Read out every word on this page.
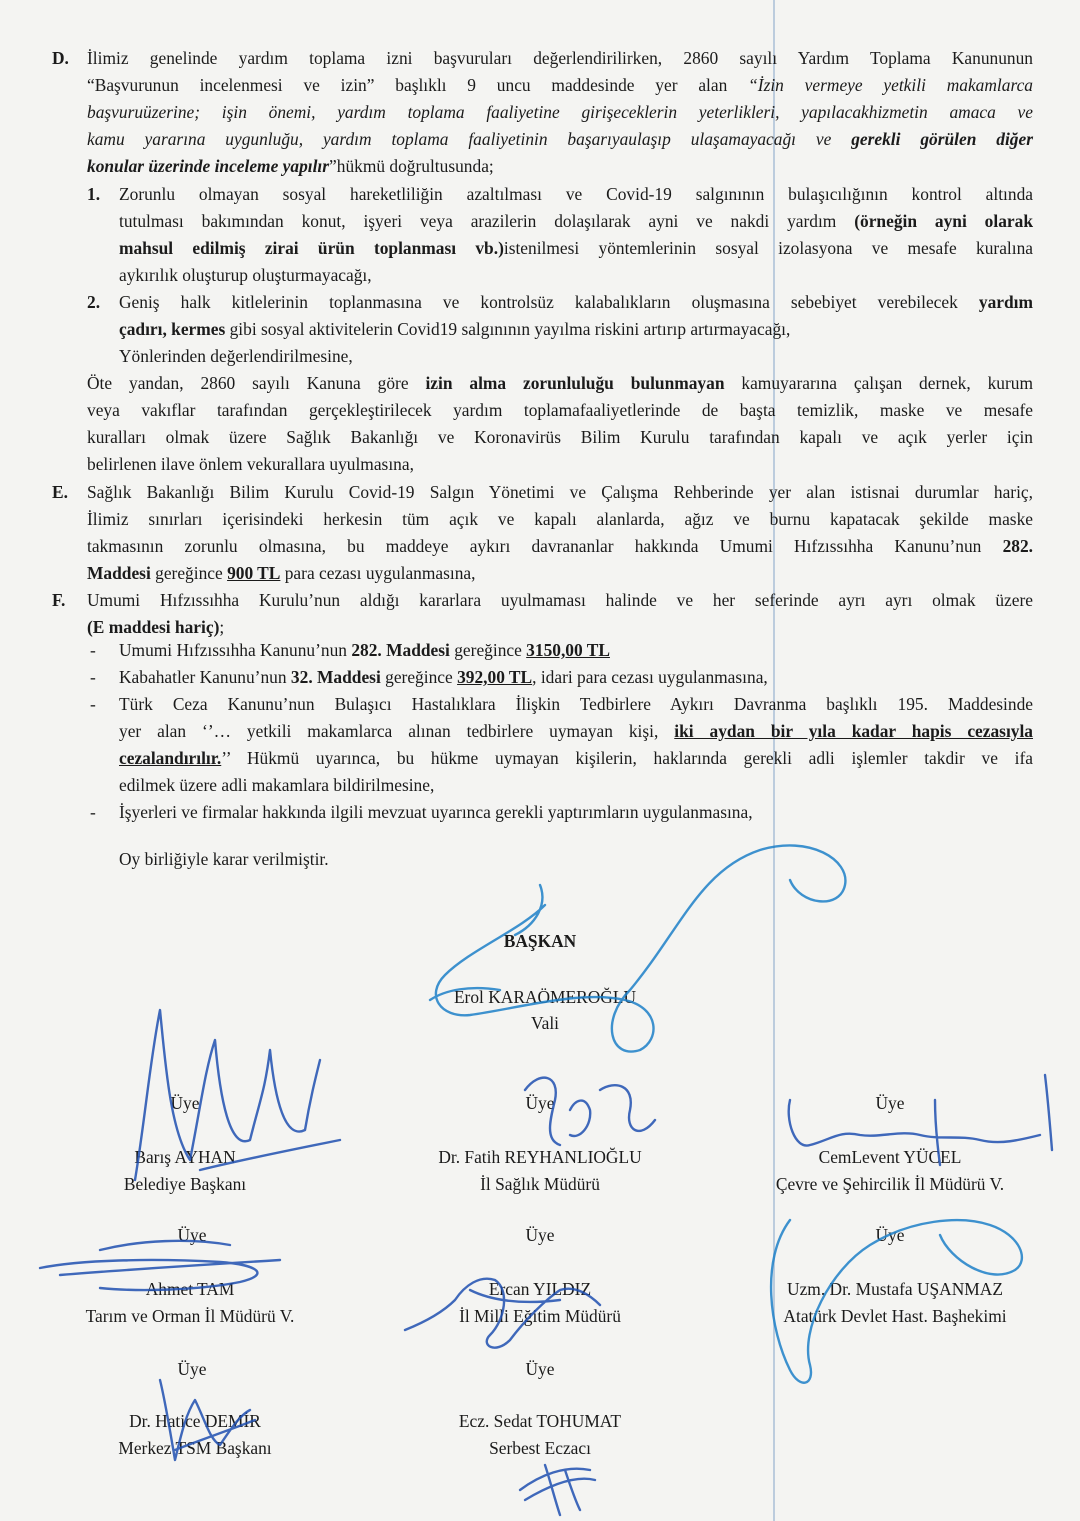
D. İlimiz genelinde yardım toplama izni başvuruları değerlendirilirken, 2860 sayılı Yardım Toplama Kanununun
“Başvurunun incelenmesi ve izin” başlıklı 9 uncu maddesinde yer alan “İzin vermeye yetkili makamlarca
başvuruüzerine; işin önemi, yardım toplama faaliyetine girişeceklerin yeterlikleri, yapılacakhizmetin amaca ve
kamu yararına uygunluğu, yardım toplama faaliyetinin başarıyaulaşıp ulaşamayacağı ve gerekli görülen diğer
konular üzerinde inceleme yapılır”hükmü doğrultusunda;
1. Zorunlu olmayan sosyal hareketliliğin azaltılması ve Covid-19 salgınının bulaşıcılığının kontrol altında
tutulması bakımından konut, işyeri veya arazilerin dolaşılarak ayni ve nakdi yardım (örneğin ayni olarak
mahsul edilmiş zirai ürün toplanması vb.)istenilmesi yöntemlerinin sosyal izolasyona ve mesafe kuralına
aykırılık oluşturup oluşturmayacağı,
2. Geniş halk kitlelerinin toplanmasına ve kontrolsüz kalabalıkların oluşmasına sebebiyet verebilecek yardım
çadırı, kermes gibi sosyal aktivitelerin Covid19 salgınının yayılma riskini artırıp artırmayacağı,
Yönlerinden değerlendirilmesine,
Öte yandan, 2860 sayılı Kanuna göre izin alma zorunluluğu bulunmayan kamuyararına çalışan dernek, kurum
veya vakıflar tarafından gerçekleştirilecek yardım toplamafaaliyetlerinde de başta temizlik, maske ve mesafe
kuralları olmak üzere Sağlık Bakanlığı ve Koronavirüs Bilim Kurulu tarafından kapalı ve açık yerler için
belirlenen ilave önlem vekurallara uyulmasına,
E. Sağlık Bakanlığı Bilim Kurulu Covid-19 Salgın Yönetimi ve Çalışma Rehberinde yer alan istisnai durumlar hariç,
İlimiz sınırları içerisindeki herkesin tüm açık ve kapalı alanlarda, ağız ve burnu kapatacak şekilde maske
takmasının zorunlu olmasına, bu maddeye aykırı davrananlar hakkında Umumi Hıfzıssıhha Kanunu’nun 282.
Maddesi gereğince 900 TL para cezası uygulanmasına,
F. Umumi Hıfzıssıhha Kurulu’nun aldığı kararlara uyulmaması halinde ve her seferinde ayrı ayrı olmak üzere
(E maddesi hariç);
- Umumi Hıfzıssıhha Kanunu’nun 282. Maddesi gereğince 3150,00 TL
- Kabahatler Kanunu’nun 32. Maddesi gereğince 392,00 TL, idari para cezası uygulanmasına,
- Türk Ceza Kanunu’nun Bulaşıcı Hastalıklara İlişkin Tedbirlere Aykırı Davranma başlıklı 195. Maddesinde
yer alan ‘’… yetkili makamlarca alınan tedbirlere uymayan kişi, iki aydan bir yıla kadar hapis cezasıyla
cezalandırılır.’’ Hükmü uyarınca, bu hükme uymayan kişilerin, haklarında gerekli adli işlemler takdir ve ifa
edilmek üzere adli makamlara bildirilmesine,
- İşyerleri ve firmalar hakkında ilgili mevzuat uyarınca gerekli yaptırımların uygulanmasına,
Oy birliğiyle karar verilmiştir.
BAŞKAN
Erol KARAÖMEROĞLU
Vali
Üye
Barış AYHAN
Belediye Başkanı
Üye
Dr. Fatih REYHANLIOĞLU
İl Sağlık Müdürü
Üye
CemLevent YÜCEL
Çevre ve Şehircilik İl Müdürü V.
Üye
Ahmet TAM
Tarım ve Orman İl Müdürü V.
Üye
Ercan YILDIZ
İl Milli Eğitim Müdürü
Üye
Uzm. Dr. Mustafa UŞANMAZ
Atatürk Devlet Hast. Başhekimi
Üye
Dr. Hatice DEMİR
Merkez TSM Başkanı
Üye
Ecz. Sedat TOHUMAT
Serbest Eczacı
